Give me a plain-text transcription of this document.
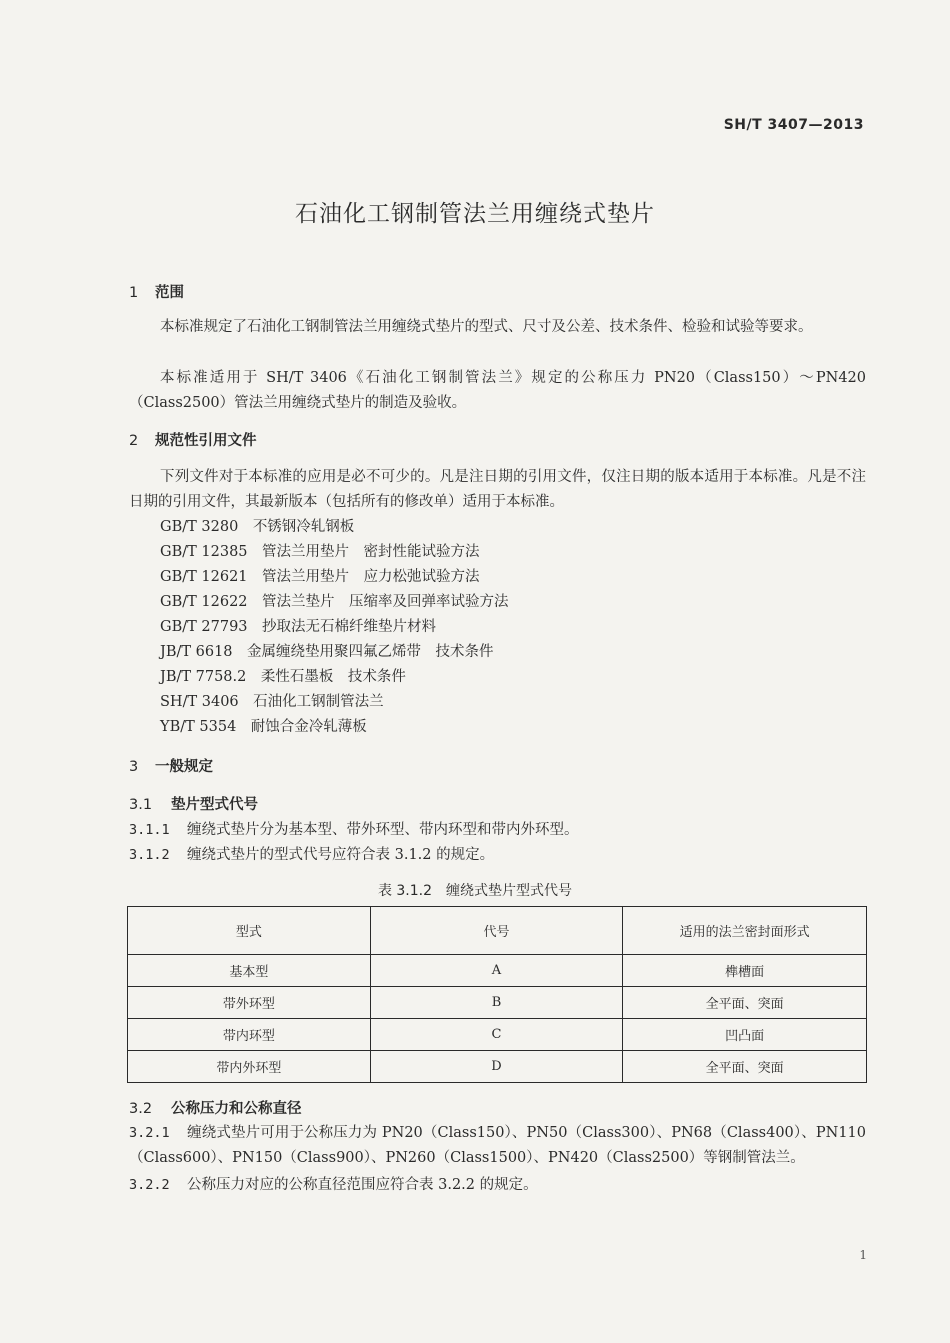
SH/T 3407—2013
石油化工钢制管法兰用缠绕式垫片
1 范围
本标准规定了石油化工钢制管法兰用缠绕式垫片的型式、尺寸及公差、技术条件、检验和试验等要求。
本标准适用于 SH/T 3406《石油化工钢制管法兰》规定的公称压力 PN20（Class150）～PN420（Class2500）管法兰用缠绕式垫片的制造及验收。
2 规范性引用文件
下列文件对于本标准的应用是必不可少的。凡是注日期的引用文件，仅注日期的版本适用于本标准。凡是不注日期的引用文件，其最新版本（包括所有的修改单）适用于本标准。
GB/T 3280　 不锈钢冷轧钢板
GB/T 12385　 管法兰用垫片　密封性能试验方法
GB/T 12621　 管法兰用垫片　应力松弛试验方法
GB/T 12622　 管法兰垫片　压缩率及回弹率试验方法
GB/T 27793　 抄取法无石棉纤维垫片材料
JB/T 6618　 金属缠绕垫用聚四氟乙烯带　技术条件
JB/T 7758.2　 柔性石墨板　技术条件
SH/T 3406　 石油化工钢制管法兰
YB/T 5354　 耐蚀合金冷轧薄板
3 一般规定
3.1 垫片型式代号
3.1.1 缠绕式垫片分为基本型、带外环型、带内环型和带内外环型。
3.1.2 缠绕式垫片的型式代号应符合表 3.1.2 的规定。
表 3.1.2　缠绕式垫片型式代号
型式	代号	适用的法兰密封面形式
基本型	A	榫槽面
带外环型	B	全平面、突面
带内环型	C	凹凸面
带内外环型	D	全平面、突面
3.2 公称压力和公称直径
3.2.1 缠绕式垫片可用于公称压力为 PN20（Class150）、PN50（Class300）、PN68（Class400）、PN110（Class600）、PN150（Class900）、PN260（Class1500）、PN420（Class2500）等钢制管法兰。
3.2.2 公称压力对应的公称直径范围应符合表 3.2.2 的规定。
1
